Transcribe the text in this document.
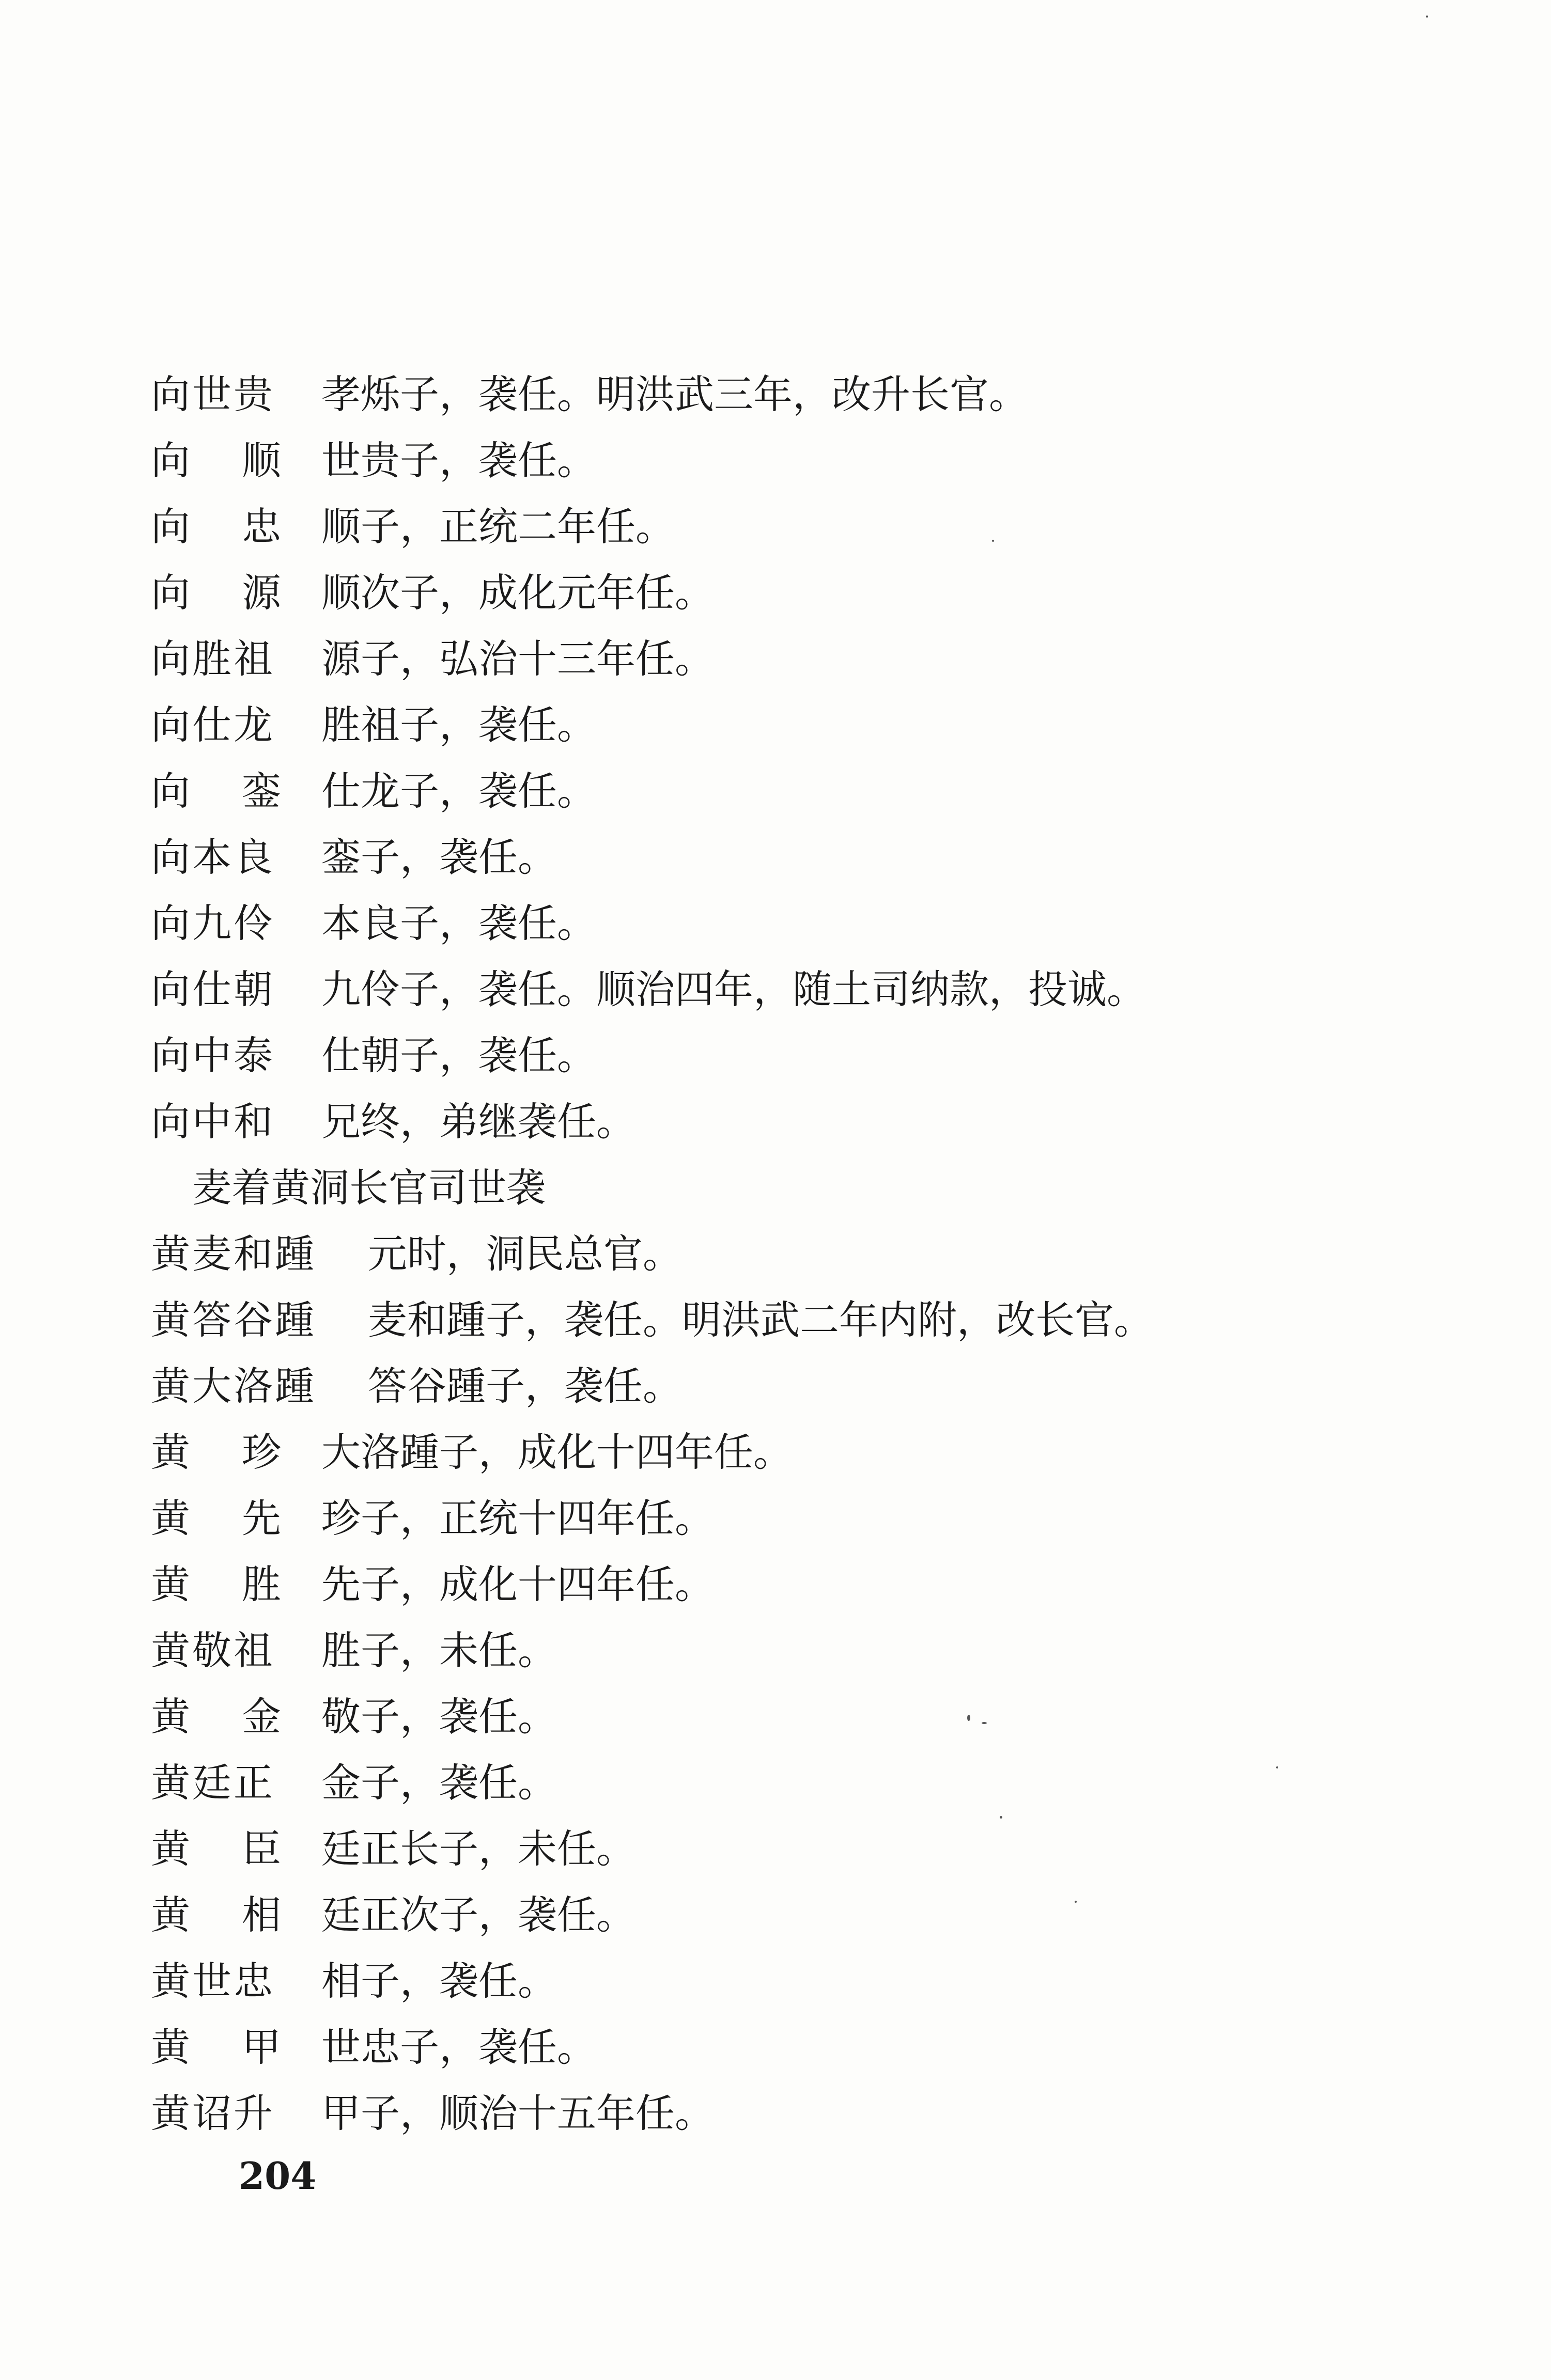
向世贵 孝烁子，袭任。明洪武三年，改升长官。
向顺
世贵子，袭任。
向忠
顺子，正统二年任。
向源
顺次子，成化元年任。
向胜祖 源子，弘治十三年任。
向仕龙 胜祖子，袭任。
向銮
仕龙子，袭任。
向本良 銮子，袭任。
向九伶 本良子，袭任。
向仕朝 九伶子，袭任。顺治四年，随土司纳款，投诚。
向中泰 仕朝子，袭任。
向中和 兄终，弟继袭任。
麦着黄洞长官司世袭
黄麦和踵 元时，洞民总官。
黄答谷踵 麦和踵子，袭任。明洪武二年内附，改长官。
黄大洛踵 答谷踵子，袭任。
黄珍
大洛踵子，成化十四年任。
黄先
珍子，正统十四年任。
黄胜
先子，成化十四年任。
黄敬祖 胜子，未任。
黄金
敬子，袭任。
黄廷正 金子，袭任。
黄臣
廷正长子，未任。
黄相
廷正次子，袭任。
黄世忠 相子，袭任。
黄甲
世忠子，袭任。
黄诏升 甲子，顺治十五年任。
204
